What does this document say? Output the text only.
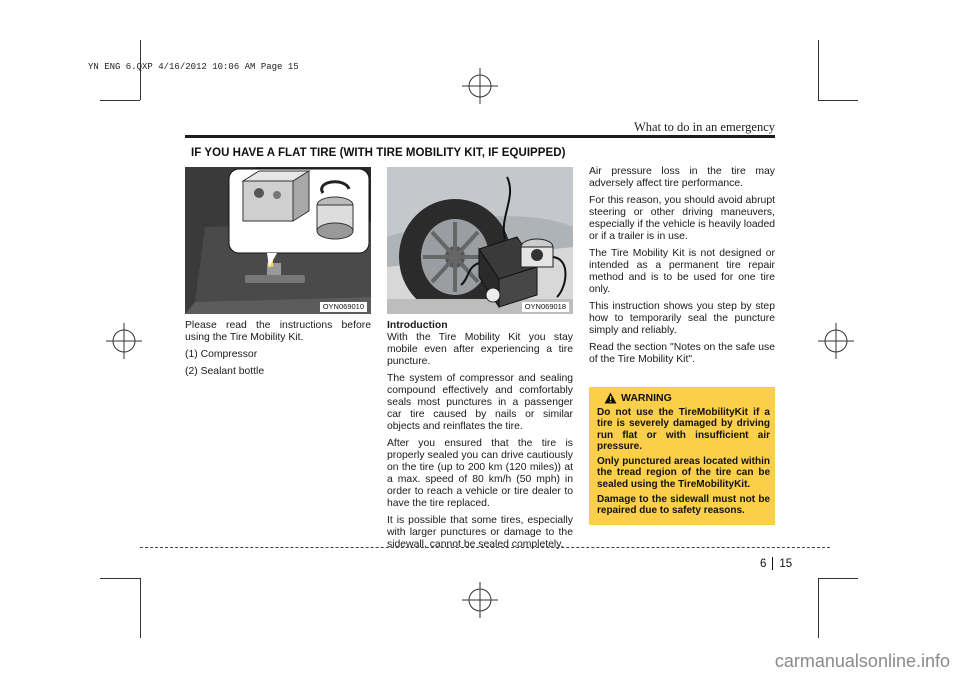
YN ENG 6.QXP 4/16/2012 10:06 AM Page 15
What to do in an emergency
IF YOU HAVE A FLAT TIRE (WITH TIRE MOBILITY KIT, IF EQUIPPED)
OYN069010	OYN069018

Please read the instructions before using the Tire Mobility Kit.

(1) Compressor

(2) Sealant bottle

Introduction

With the Tire Mobility Kit you stay mobile even after experiencing a tire puncture.

The system of compressor and sealing compound effectively and comfortably seals most punctures in a passenger car tire caused by nails or similar objects and reinflates the tire.

After you ensured that the tire is properly sealed you can drive cautiously on the tire (up to 200 km (120 miles)) at a max. speed of 80 km/h (50 mph) in order to reach a vehicle or tire dealer to have the tire replaced.

It is possible that some tires, especially with larger punctures or damage to the sidewall, cannot be sealed completely.

Air pressure loss in the tire may adversely affect tire performance.

For this reason, you should avoid abrupt steering or other driving maneuvers, especially if the vehicle is heavily loaded or if a trailer is in use.

The Tire Mobility Kit is not designed or intended as a permanent tire repair method and is to be used for one tire only.

This instruction shows you step by step how to temporarily seal the puncture simply and reliably.

Read the section "Notes on the safe use of the Tire Mobility Kit".

WARNING

Do not use the TireMobilityKit if a tire is severely damaged by driving run flat or with insufficient air pressure.

Only punctured areas located within the tread region of the tire can be sealed using the TireMobilityKit.

Damage to the sidewall must not be repaired due to safety reasons.

6 15
carmanualsonline.info
